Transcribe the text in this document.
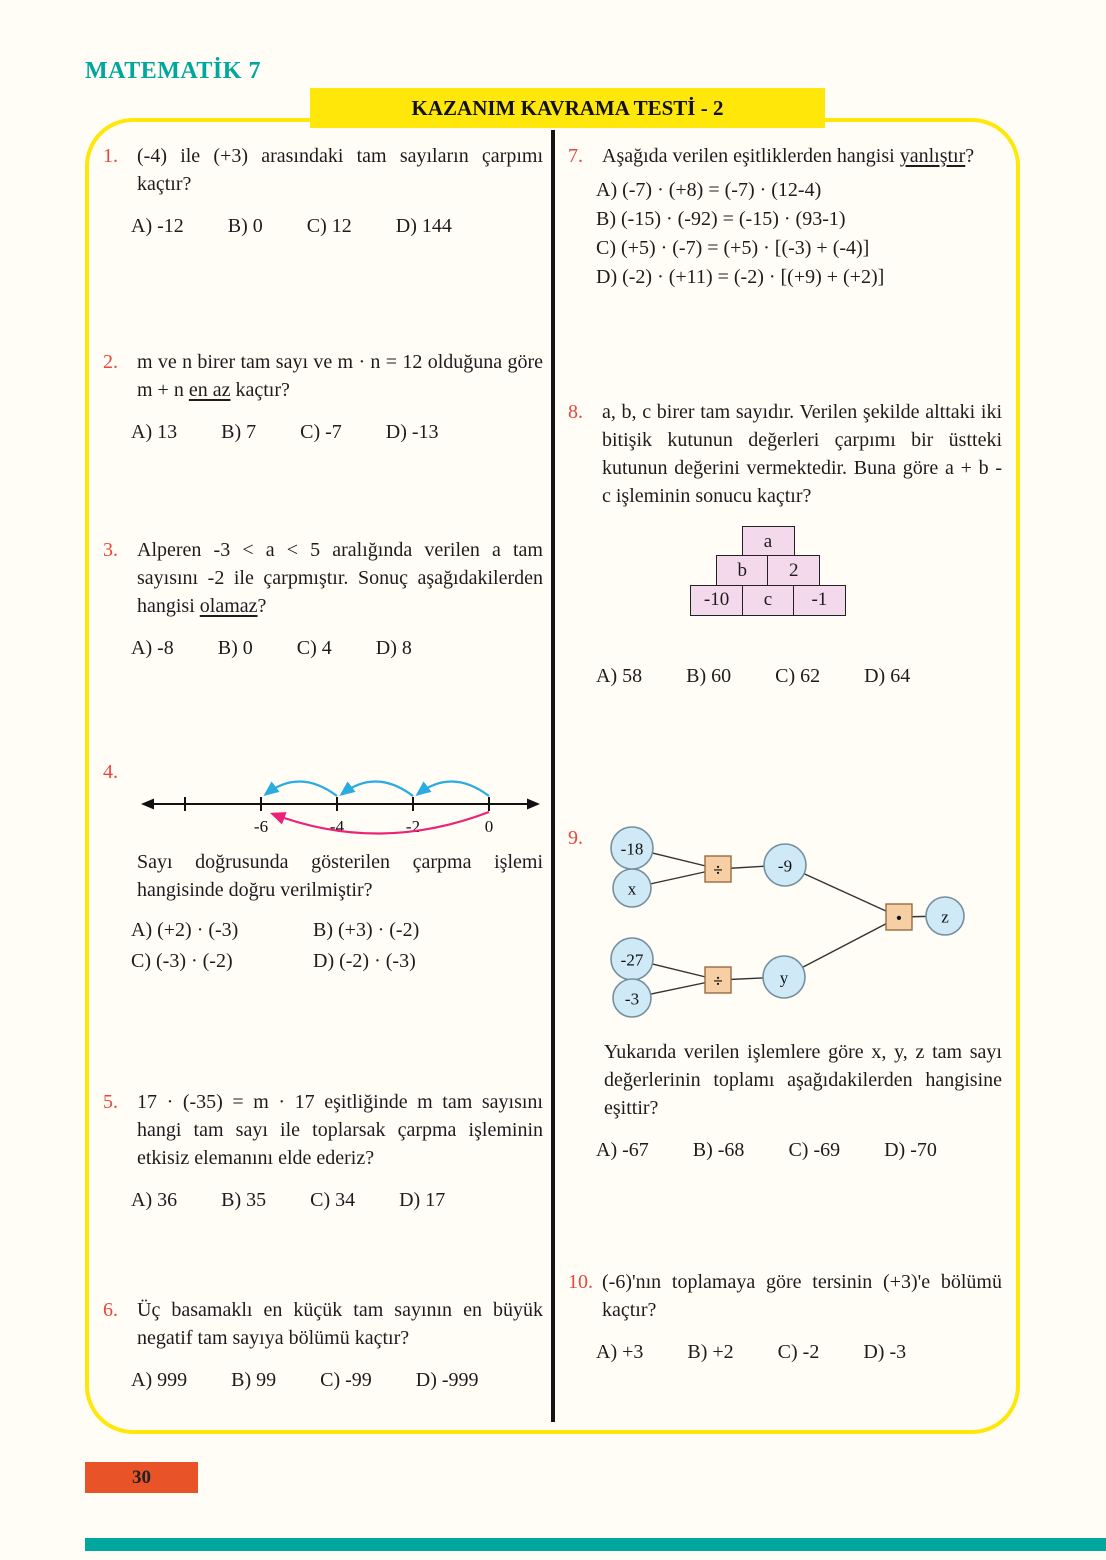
MATEMATİK 7
KAZANIM KAVRAMA TESTİ - 2
1. (-4) ile (+3) arasındaki tam sayıların çarpımı kaçtır?

A) -12 B) 0 C) 12 D) 144
2. m ve n birer tam sayı ve m · n = 12 olduğuna göre m + n en az kaçtır?

A) 13 B) 7 C) -7 D) -13
3. Alperen -3 < a < 5 aralığında verilen a tam sayısını -2 ile çarpmıştır. Sonuç aşağıdakilerden hangisi olamaz?

A) -8 B) 0 C) 4 D) 8
4.
-6	-4	-2	0

Sayı doğrusunda gösterilen çarpma işlemi hangisinde doğru verilmiştir?

A) (+2) · (-3)	B) (+3) · (-2)
C) (-3) · (-2)	D) (-2) · (-3)
5. 17 · (-35) = m · 17 eşitliğinde m tam sayısını hangi tam sayı ile toplarsak çarpma işleminin etkisiz elemanını elde ederiz?

A) 36 B) 35 C) 34 D) 17
6. Üç basamaklı en küçük tam sayının en büyük negatif tam sayıya bölümü kaçtır?

A) 999 B) 99 C) -99 D) -999
7. Aşağıda verilen eşitliklerden hangisi yanlıştır?

A) (-7) · (+8) = (-7) · (12-4)
B) (-15) · (-92) = (-15) · (93-1)
C) (+5) · (-7) = (+5) · [(-3) + (-4)]
D) (-2) · (+11) = (-2) · [(+9) + (+2)]
8. a, b, c birer tam sayıdır. Verilen şekilde alttaki iki bitişik kutunun değerleri çarpımı bir üstteki kutunun değerini vermektedir. Buna göre a + b - c işleminin sonucu kaçtır?

a
b	2
-10	c	-1
A) 58 B) 60 C) 62 D) 64
9.	-18
x
÷	-9
-27
-3
÷	y
· z

Yukarıda verilen işlemlere göre x, y, z tam sayı değerlerinin toplamı aşağıdakilerden hangisine eşittir?

A) -67 B) -68 C) -69 D) -70
10. (-6)'nın toplamaya göre tersinin (+3)'e bölümü kaçtır?

A) +3 B) +2 C) -2 D) -3
30
